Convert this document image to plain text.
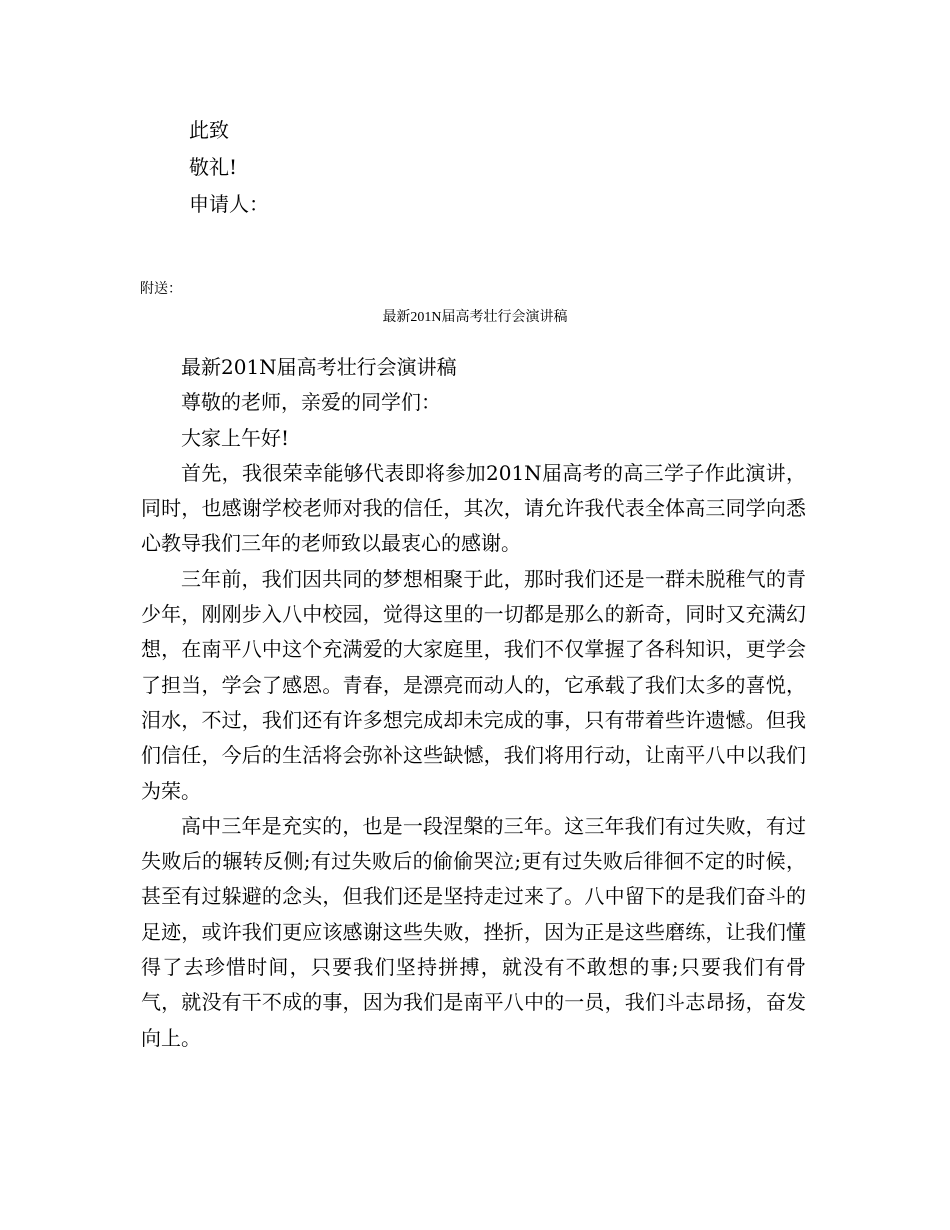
此致
敬礼!
申请人：
附送：
最新201N届高考壮行会演讲稿

最新201N届高考壮行会演讲稿

尊敬的老师，亲爱的同学们：

大家上午好!

首先，我很荣幸能够代表即将参加201N届高考的高三学子作此演讲，同时，也感谢学校老师对我的信任，其次，请允许我代表全体高三同学向悉心教导我们三年的老师致以最衷心的感谢。

三年前，我们因共同的梦想相聚于此，那时我们还是一群未脱稚气的青少年，刚刚步入八中校园，觉得这里的一切都是那么的新奇，同时又充满幻想，在南平八中这个充满爱的大家庭里，我们不仅掌握了各科知识，更学会了担当，学会了感恩。青春，是漂亮而动人的，它承载了我们太多的喜悦，泪水，不过，我们还有许多想完成却未完成的事，只有带着些许遗憾。但我们信任，今后的生活将会弥补这些缺憾，我们将用行动，让南平八中以我们为荣。

高中三年是充实的，也是一段涅槃的三年。这三年我们有过失败，有过失败后的辗转反侧;有过失败后的偷偷哭泣;更有过失败后徘徊不定的时候，甚至有过躲避的念头，但我们还是坚持走过来了。八中留下的是我们奋斗的足迹，或许我们更应该感谢这些失败，挫折，因为正是这些磨练，让我们懂得了去珍惜时间，只要我们坚持拼搏，就没有不敢想的事;只要我们有骨气，就没有干不成的事，因为我们是南平八中的一员，我们斗志昂扬，奋发向上。
